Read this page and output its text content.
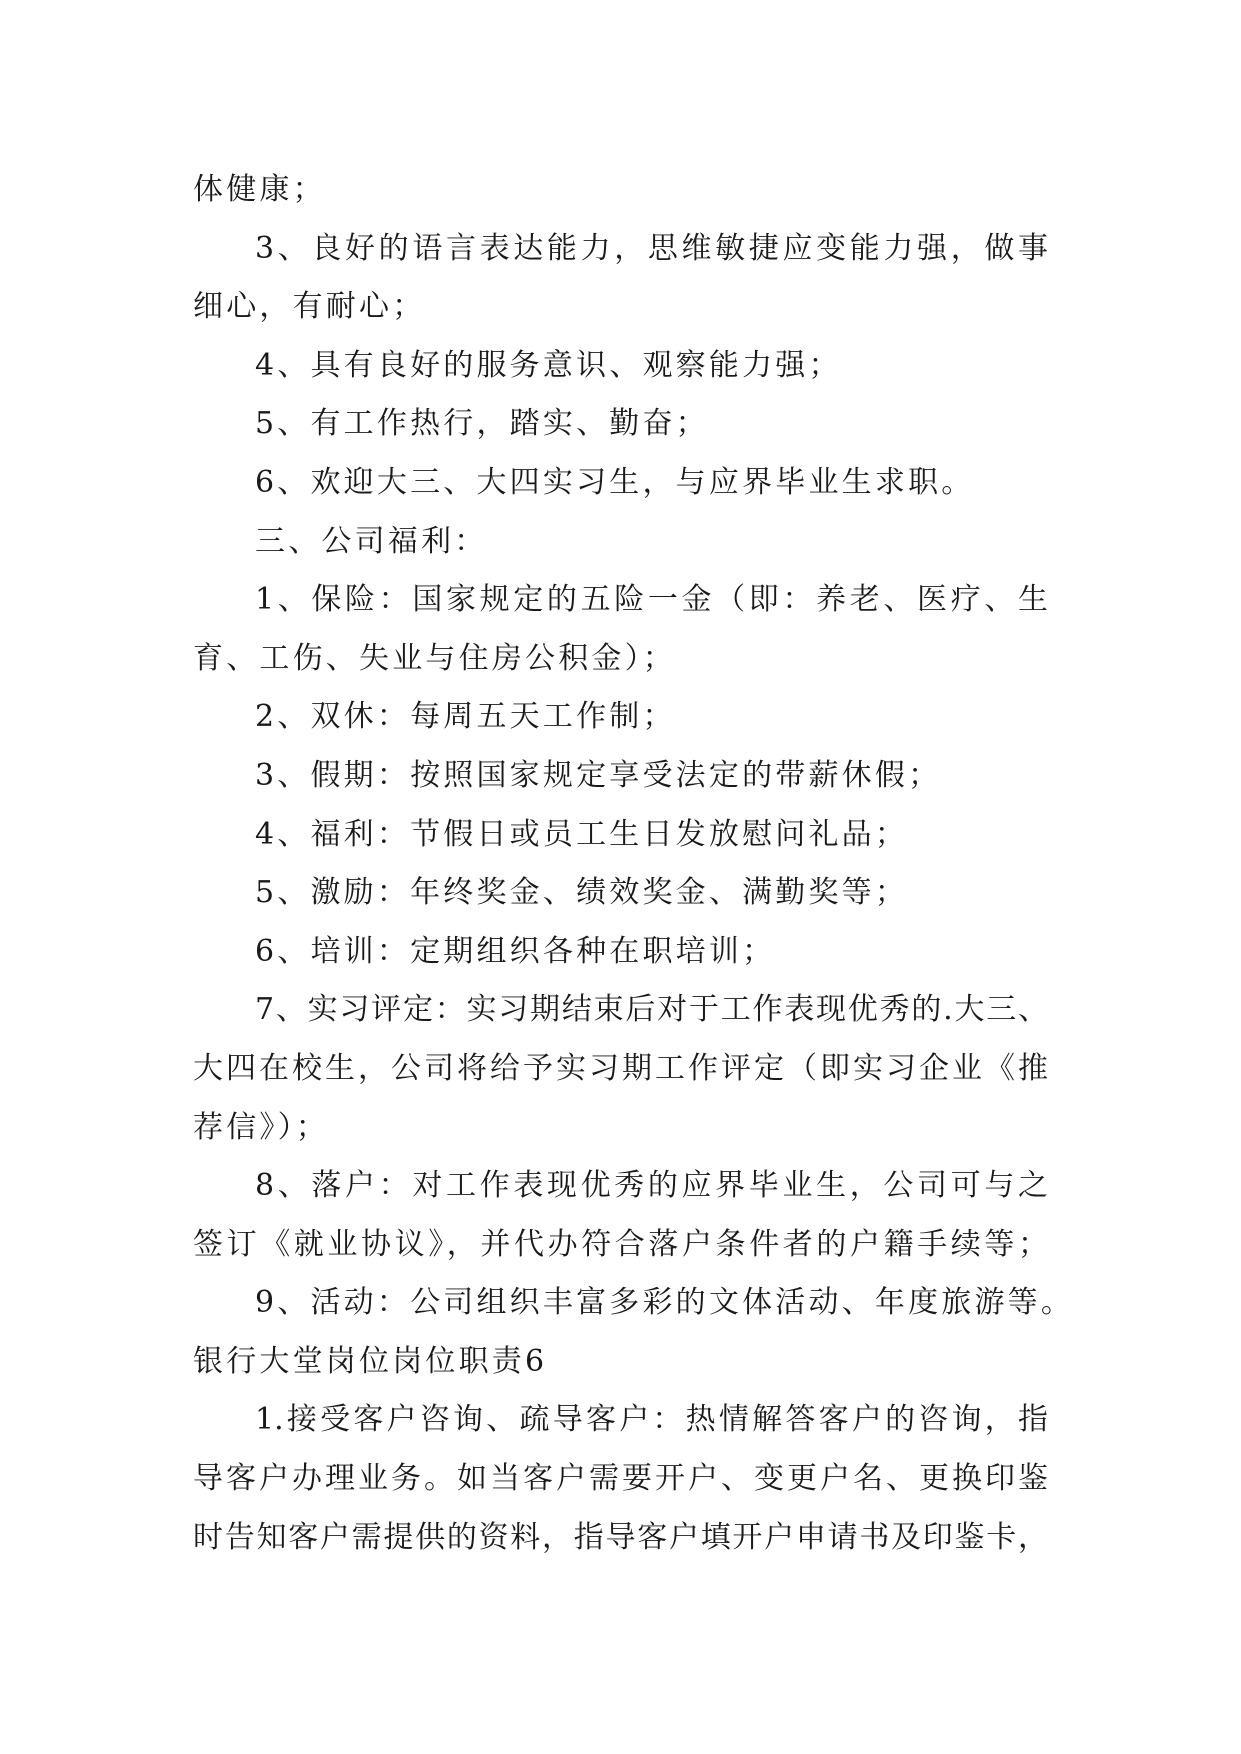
体健康；
3、良好的语言表达能力，思维敏捷应变能力强，做事
细心，有耐心；
4、具有良好的服务意识、观察能力强；
5、有工作热行，踏实、勤奋；
6、欢迎大三、大四实习生，与应界毕业生求职。
三、公司福利：
1、保险：国家规定的五险一金（即：养老、医疗、生
育、工伤、失业与住房公积金）；
2、双休：每周五天工作制；
3、假期：按照国家规定享受法定的带薪休假；
4、福利：节假日或员工生日发放慰问礼品；
5、激励：年终奖金、绩效奖金、满勤奖等；
6、培训：定期组织各种在职培训；
7、实习评定：实习期结束后对于工作表现优秀的.大三、
大四在校生，公司将给予实习期工作评定（即实习企业《推
荐信》）；
8、落户：对工作表现优秀的应界毕业生，公司可与之
签订《就业协议》，并代办符合落户条件者的户籍手续等；
9、活动：公司组织丰富多彩的文体活动、年度旅游等。
银行大堂岗位岗位职责6
1.接受客户咨询、疏导客户：热情解答客户的咨询，指
导客户办理业务。如当客户需要开户、变更户名、更换印鉴
时告知客户需提供的资料，指导客户填开户申请书及印鉴卡，
